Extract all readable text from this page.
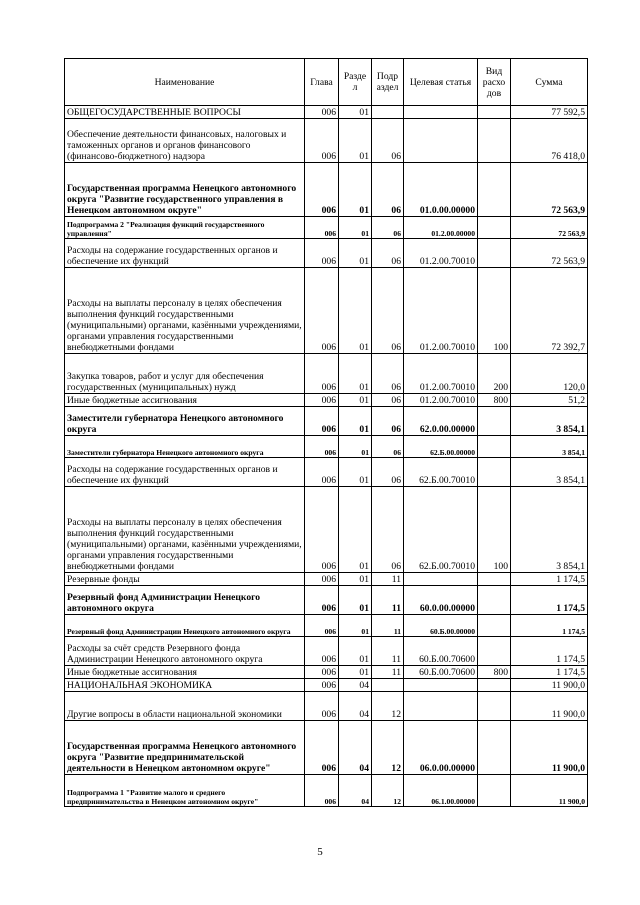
Наименование	Глава	Разде л	Подр аздел	Целевая статья	Вид расхо дов	Сумма
ОБЩЕГОСУДАРСТВЕННЫЕ ВОПРОСЫ	006	01				77 592,5
Обеспечение деятельности финансовых, налоговых и таможенных органов и органов финансового (финансово-бюджетного) надзора	006	01	06			76 418,0
Государственная программа Ненецкого автономного округа "Развитие государственного управления в Ненецком автономном округе"	006	01	06	01.0.00.00000		72 563,9
Подпрограмма 2 "Реализация функций государственного управления"	006	01	06	01.2.00.00000		72 563,9
Расходы на содержание государственных органов и обеспечение их функций	006	01	06	01.2.00.70010		72 563,9
Расходы на выплаты персоналу в целях обеспечения выполнения функций государственными (муниципальными) органами, казёнными учреждениями, органами управления государственными внебюджетными фондами	006	01	06	01.2.00.70010	100	72 392,7
Закупка товаров, работ и услуг для обеспечения государственных (муниципальных) нужд	006	01	06	01.2.00.70010	200	120,0
Иные бюджетные ассигнования	006	01	06	01.2.00.70010	800	51,2
Заместители губернатора Ненецкого автономного округа	006	01	06	62.0.00.00000		3 854,1
Заместители губернатора Ненецкого автономного округа	006	01	06	62.Б.00.00000		3 854,1
Расходы на содержание государственных органов и обеспечение их функций	006	01	06	62.Б.00.70010		3 854,1
Расходы на выплаты персоналу в целях обеспечения выполнения функций государственными (муниципальными) органами, казёнными учреждениями, органами управления государственными внебюджетными фондами	006	01	06	62.Б.00.70010	100	3 854,1
Резервные фонды	006	01	11			1 174,5
Резервный фонд Администрации Ненецкого автономного округа	006	01	11	60.0.00.00000		1 174,5
Резервный фонд Администрации Ненецкого автономного округа	006	01	11	60.Б.00.00000		1 174,5
Расходы за счёт средств Резервного фонда Администрации Ненецкого автономного округа	006	01	11	60.Б.00.70600		1 174,5
Иные бюджетные ассигнования	006	01	11	60.Б.00.70600	800	1 174,5
НАЦИОНАЛЬНАЯ ЭКОНОМИКА	006	04				11 900,0
Другие вопросы в области национальной экономики	006	04	12			11 900,0
Государственная программа Ненецкого автономного округа "Развитие предпринимательской деятельности в Ненецком автономном округе"	006	04	12	06.0.00.00000		11 900,0
Подпрограмма 1 "Развитие малого и среднего предпринимательства в Ненецком автономном округе"	006	04	12	06.1.00.00000		11 900,0
5
